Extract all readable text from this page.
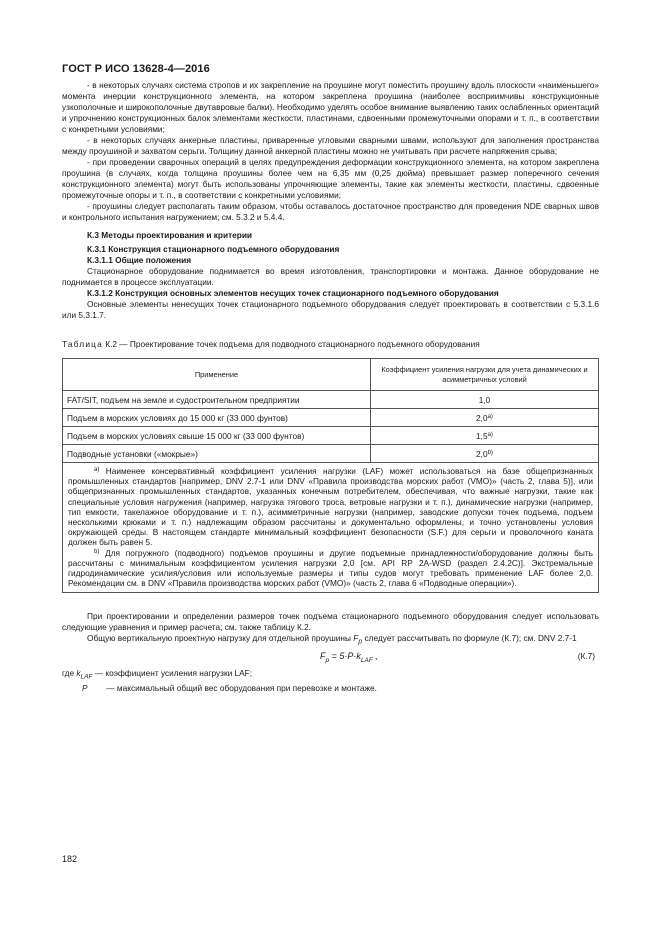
ГОСТ Р ИСО 13628-4—2016

- в некоторых случаях система стропов и их закрепление на проушине могут поместить проушину вдоль плоскости «наименьшего» момента инерции конструкционного элемента, на котором закреплена проушина (наиболее восприимчивы конструкционные узкополочные и широкополочные двутавровые балки). Необходимо уделять особое внимание выявлению таких ослабленных ориентаций и упрочнению конструкционных балок элементами жесткости, пластинами, сдвоенными промежуточными опорами и т. п., в соответствии с конкретными условиями;

- в некоторых случаях анкерные пластины, приваренные угловыми сварными швами, используют для заполнения пространства между проушиной и захватом серьги. Толщину данной анкерной пластины можно не учитывать при расчете напряжения срыва;

- при проведении сварочных операций в целях предупреждения деформации конструкционного элемента, на котором закреплена проушина (в случаях, когда толщина проушины более чем на 6,35 мм (0,25 дюйма) превышает размер поперечного сечения конструкционного элемента) могут быть использованы упрочняющие элементы, такие как элементы жесткости, пластины, сдвоенные промежуточные опоры и т. п., в соответствии с конкретными условиями;

- проушины следует располагать таким образом, чтобы оставалось достаточное пространство для проведения NDE сварных швов и контрольного испытания нагружением; см. 5.3.2 и 5.4.4.

К.3 Методы проектирования и критерии

К.3.1 Конструкция стационарного подъемного оборудования

К.3.1.1 Общие положения

Стационарное оборудование поднимается во время изготовления, транспортировки и монтажа. Данное оборудование не поднимается в процессе эксплуатации.

К.3.1.2 Конструкция основных элементов несущих точек стационарного подъемного оборудования

Основные элементы ненесущих точек стационарного подъемного оборудования следует проектировать в соответствии с 5.3.1.6 или 5.3.1.7.

Таблица К.2 — Проектирование точек подъема для подводного стационарного подъемного оборудования
Применение	Коэффициент усиления нагрузки для учета динамических и асимметричных условий
FAT/SIT, подъем на земле и судостроительном предприятии	1,0
Подъем в морских условиях до 15 000 кг (33 000 фунтов)	2,0$^{a)}$
Подъем в морских условиях свыше 15 000 кг (33 000 фунтов)	1,5$^{a)}$
Подводные установки («мокрые»)	2,0$^{b)}$

$^{a)}$ Наименее консервативный коэффициент усиления нагрузки (LAF) может использоваться на базе общепризнанных промышленных стандартов [например, DNV 2.7-1 или DNV «Правила производства морских работ (VMO)» (часть 2, глава 5)], или общепризнанных промышленных стандартов, указанных конечным потребителем, обеспечивая, что важные нагрузки, такие как специальные условия нагружения (например, нагрузка тягового троса, ветровые нагрузки и т. п.), динамические нагрузки (например, тип емкости, такелажное оборудование и т. п.), асимметричные нагрузки (например, заводские допуски точек подъема, подъем несколькими крюками и т. п.) надлежащим образом рассчитаны и документально оформлены, и точно установлены условия окружающей среды. В настоящем стандарте минимальный коэффициент безопасности (S.F.) для серьги и проволочного каната должен быть равен 5.

$^{b)}$ Для погружного (подводного) подъемов проушины и другие подъемные принадлежности/оборудование должны быть рассчитаны с минимальным коэффициентом усиления нагрузки 2,0 [см. API RP 2A-WSD (раздел 2.4.2C)]. Экстремальные гидродинамические усилия/условия или используемые размеры и типы судов могут требовать применение LAF более 2,0. Рекомендации см. в DNV «Правила производства морских работ (VMO)» (часть 2, глава 6 «Подводные операции»).	

При проектировании и определении размеров точек подъема стационарного подъемного оборудования следует использовать следующие уравнения и пример расчета; см. также таблицу К.2.

Общую вертикальную проектную нагрузку для отдельной проушины $F_p$ следует рассчитывать по формуле (К.7); см. DNV 2.7-1

$F_p = 5\cdot P\cdot k_{LAF}$ ,	(К.7)

где $k_{LAF}$ — коэффициент усиления нагрузки LAF;

P — максимальный общий вес оборудования при перевозке и монтаже.

182
